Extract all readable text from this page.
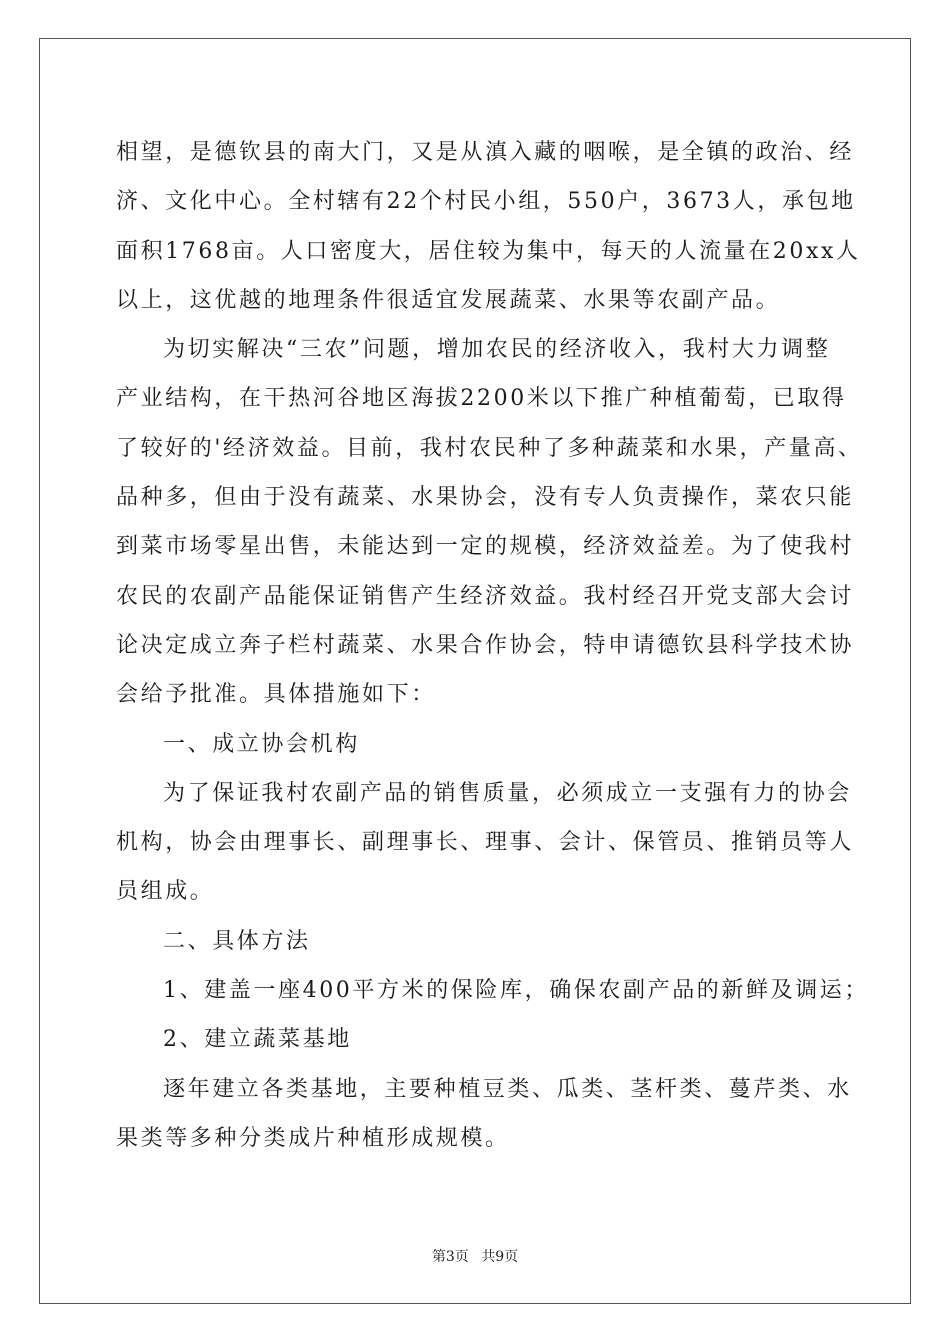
相望，是德钦县的南大门，又是从滇入藏的咽喉，是全镇的政治、经
济、文化中心。全村辖有22个村民小组，550户，3673人，承包地
面积1768亩。人口密度大，居住较为集中，每天的人流量在20xx人
以上，这优越的地理条件很适宜发展蔬菜、水果等农副产品。
为切实解决“三农”问题，增加农民的经济收入，我村大力调整
产业结构，在干热河谷地区海拔2200米以下推广种植葡萄，已取得
了较好的'经济效益。目前，我村农民种了多种蔬菜和水果，产量高、
品种多，但由于没有蔬菜、水果协会，没有专人负责操作，菜农只能
到菜市场零星出售，未能达到一定的规模，经济效益差。为了使我村
农民的农副产品能保证销售产生经济效益。我村经召开党支部大会讨
论决定成立奔子栏村蔬菜、水果合作协会，特申请德钦县科学技术协
会给予批准。具体措施如下：
一、成立协会机构
为了保证我村农副产品的销售质量，必须成立一支强有力的协会
机构，协会由理事长、副理事长、理事、会计、保管员、推销员等人
员组成。
二、具体方法
1、建盖一座400平方米的保险库，确保农副产品的新鲜及调运；
2、建立蔬菜基地
逐年建立各类基地，主要种植豆类、瓜类、茎杆类、蔓芹类、水
果类等多种分类成片种植形成规模。
第3页 共9页
